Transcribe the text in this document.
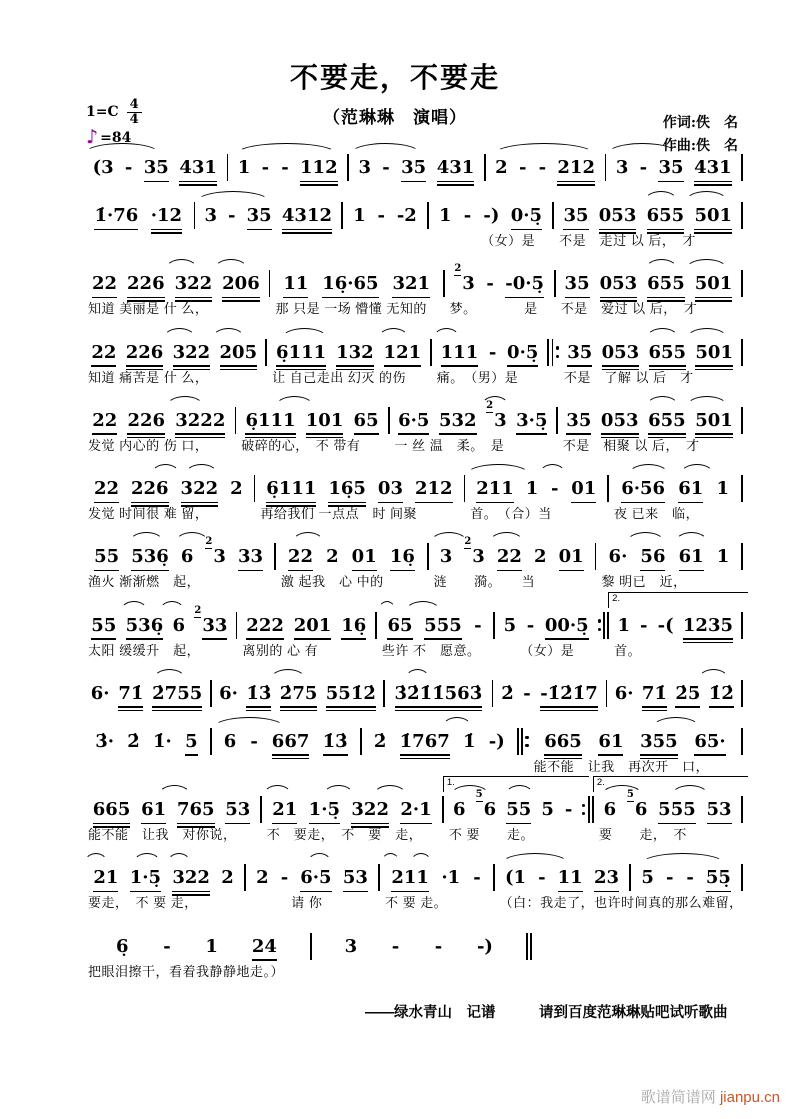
不要走，不要走
（范琳琳　演唱）	作词:佚　名
作曲:佚　名
1=C 4
4
♪ =84
(3 - 35 431 1 - - 112 3 - 35 431 2 - - 212 3 - 35 431
1̇·76 ·12 3 - 35 4312 1 - -2 1 - -) 0·5̣
　　　　（女）是
35 053 655 501
不是　走过 以 后，　才
22 226 322 206
知道 美丽是 什 么，
11 16̣·65 321
那 只是 一场 懵懂 无知的
2
3 - -0·5̣
梦。　　　　是
35 053 655 501
不是　爱过 以 后，　才
22 226 322 205
知道 痛苦是 什 么，
6̣111 132 121
让 自己走出 幻灭 的伤
111 - 0·5̣
痛。　（男）是
35 053 655 501
不是　了解 以 后　才
22 226 3222
发觉 内心的 伤 口，
6̣111 101 65
破碎的心，　不 带有
6·5 532
2
3 3·5̣
一 丝 温　柔。　是
35 053 655 501
不是　相聚 以 后，　才
22 226 322 2
发觉 时间很 难 留，
6̣111 16̣5 03 212
再给我们 一点点　时 间聚
211 1 - 01
首。　（合）当
6·56 61 1
夜 已来　临，
55 536̣ 6
2
3 33
渔火 渐渐燃　起，
22 2 01 16̣
激 起我　心 中的
3
2
3 22 2 01
涟　　漪。　　当
6· 56 61 1
黎 明已　近，
55 536̣ 6
2
33
太阳 缓缓升　起，
222 201 16̣
离别的 心 有
65 555 -
些许 不　愿意。
5 - 00·5̣
　　（女）是
2.
1 - -( 1235
首。
6· 71̇ 2̇755 6· 1̇3̇ 2̇75 551̇2̇ 3̇2̇1̇1̇563̇ 2̇ - -1̇2̇1̇7 6· 71̇ 2̇5 1̇2̇
3̇· 2̇ 1̇· 5 6 - 667 1̇3̇ 2̇ 1̇767 1̇ -) 665 61 355 65·
能不能　让我　再次开　口，
665 61 765 53
能不能　让我　对你说，
21 1·5̣ 322 2·1
不　要走，　不　要　走，
1.
6
5
6 55 5 -
不 要　　走。
2.
6
5
6 555 53
要　　走，　不
21 1·5̣ 322 2
要走，　不 要 走，
2 - 6·5 53
　　　请 你
211 ·1 -
不 要 走。
(1 - 11 23
（白：我走了，也许时间真的那么难留，
5 - - 55̣
6̣ - 1 24
把眼泪擦干，看着我静静地走。）
3 - - -)
——绿水青山　记谱　　　请到百度范琳琳贴吧试听歌曲
歌谱简谱网 jianpu.cn
